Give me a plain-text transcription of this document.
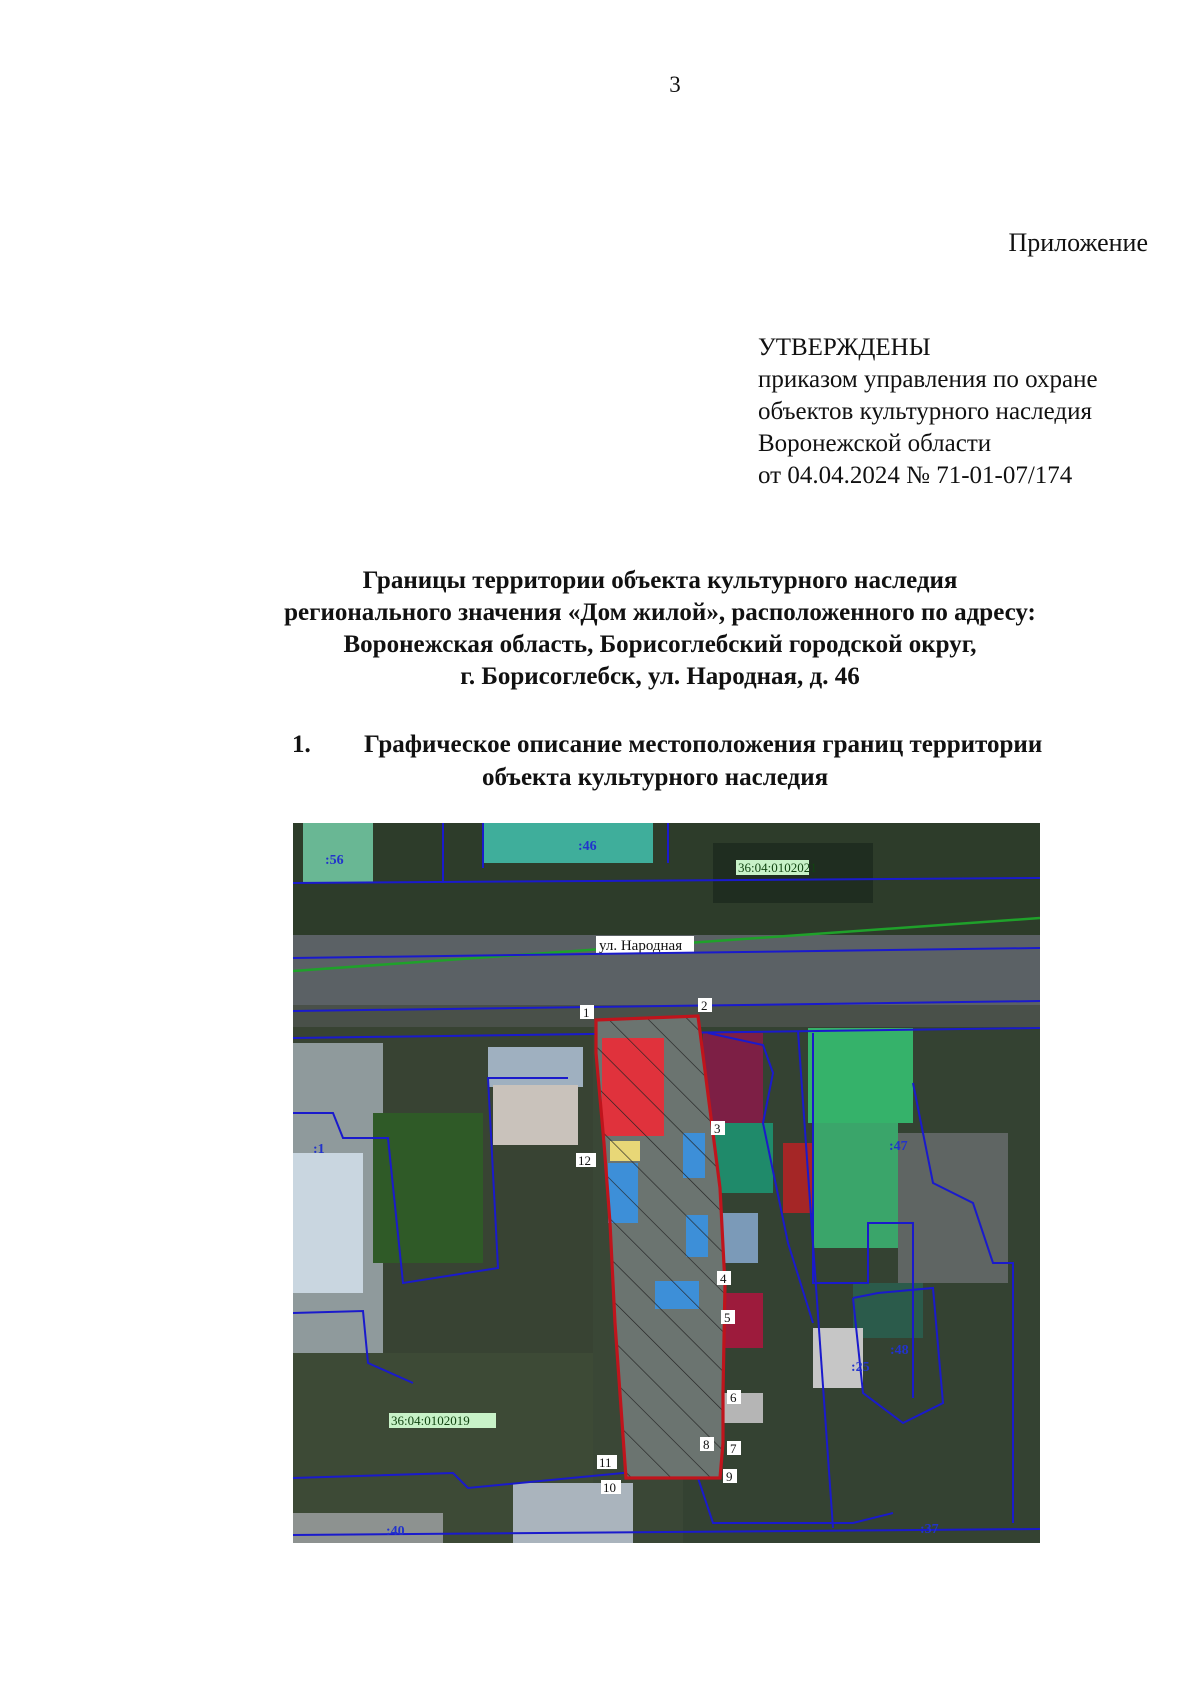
3
Приложение
УТВЕРЖДЕНЫ
приказом управления по охране
объектов культурного наследия
Воронежской области
от 04.04.2024 № 71-01-07/174
Границы территории объекта культурного наследия
регионального значения «Дом жилой», расположенного по адресу:
Воронежская область, Борисоглебский городской округ,
г. Борисоглебск, ул. Народная, д. 46
1. Графическое описание местоположения границ территории
объекта культурного наследия
ул. Народная
:56
:46
:1	:47
:48
:25
:40	:37
36:04:0102021
36:04:0102019
1	2
3
4
5
6
7
8
9
10
11
12
